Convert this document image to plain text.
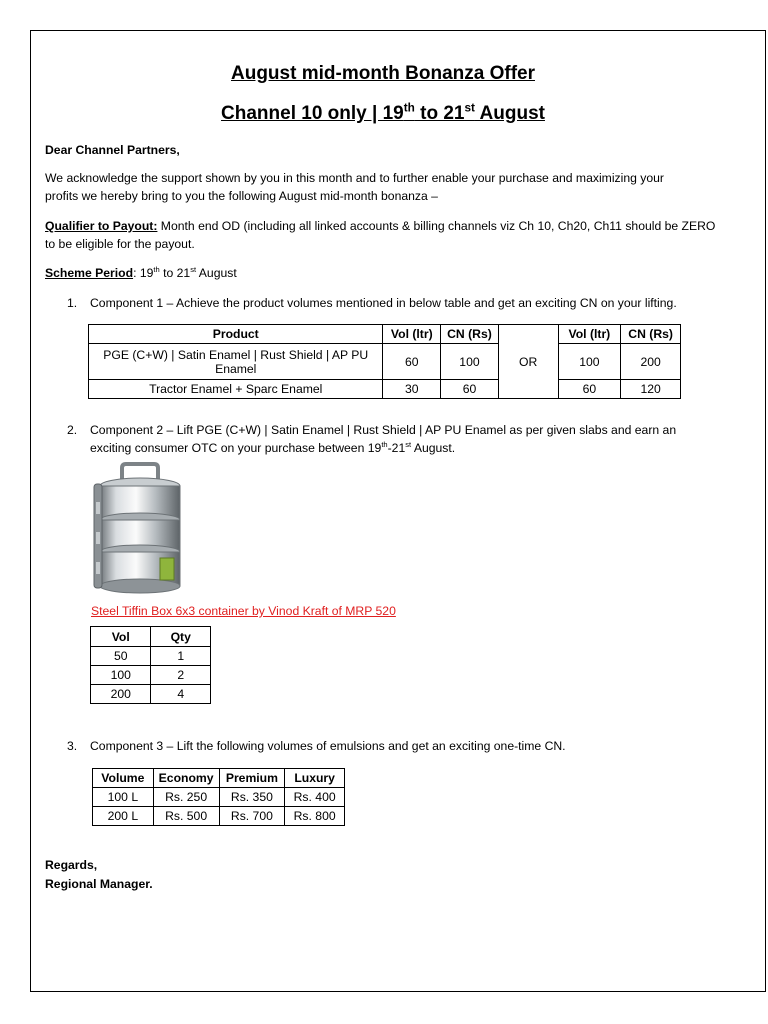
August mid-month Bonanza Offer
Channel 10 only | 19th to 21st August

Dear Channel Partners,

We acknowledge the support shown by you in this month and to further enable your purchase and maximizing your

profits we hereby bring to you the following August mid-month bonanza –

Qualifier to Payout: Month end OD (including all linked accounts & billing channels viz Ch 10, Ch20, Ch11 should be ZERO

to be eligible for the payout.

Scheme Period: 19th to 21st August

1. Component 1 – Achieve the product volumes mentioned in below table and get an exciting CN on your lifting.

Product	Vol (ltr)	CN (Rs)	OR	Vol (ltr)	CN (Rs)
PGE (C+W) | Satin Enamel | Rust Shield | AP PU
Enamel	60	100		100	200
Tractor Enamel + Sparc Enamel	30	60		60	120

2. Component 2 – Lift PGE (C+W) | Satin Enamel | Rust Shield | AP PU Enamel as per given slabs and earn an

exciting consumer OTC on your purchase between 19th-21st August.

Steel Tiffin Box 6x3 container by Vinod Kraft of MRP 520

Vol	Qty
50	1
100	2
200	4

3. Component 3 – Lift the following volumes of emulsions and get an exciting one-time CN.

Volume	Economy	Premium	Luxury
100 L	Rs. 250	Rs. 350	Rs. 400
200 L	Rs. 500	Rs. 700	Rs. 800

Regards,

Regional Manager.
